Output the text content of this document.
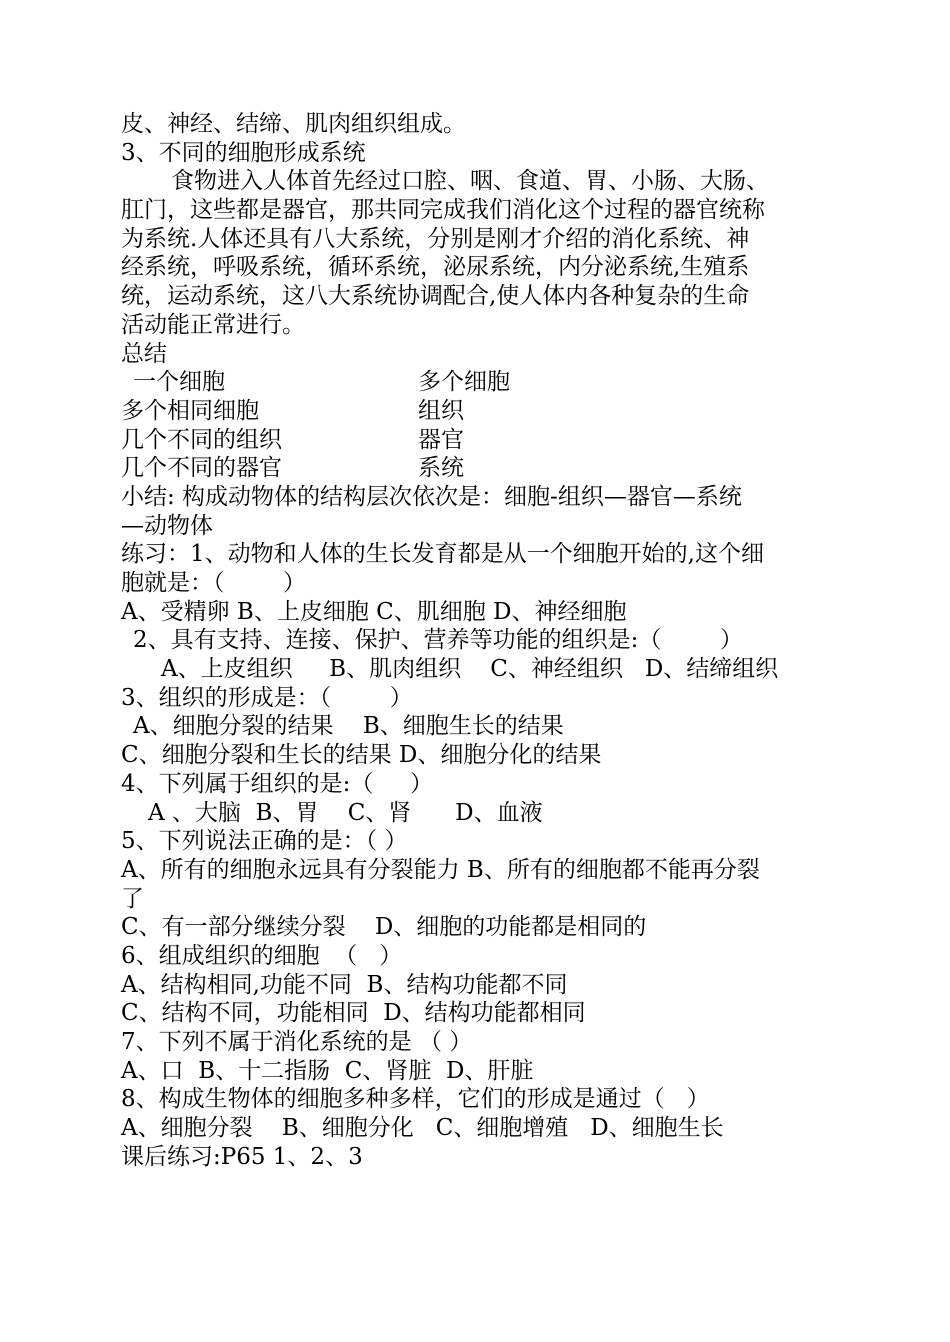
皮、神经、结缔、肌肉组织组成。
3、不同的细胞形成系统
食物进入人体首先经过口腔、咽、食道、胃、小肠、大肠、
肛门，这些都是器官，那共同完成我们消化这个过程的器官统称
为系统.人体还具有八大系统，分别是刚才介绍的消化系统、神
经系统，呼吸系统，循环系统，泌尿系统，内分泌系统,生殖系
统，运动系统，这八大系统协调配合,使人体内各种复杂的生命
活动能正常进行。
总结
一个细胞	多个细胞
多个相同细胞	组织
几个不同的组织	器官
几个不同的器官	系统
小结: 构成动物体的结构层次依次是：细胞-组织—器官—系统
—动物体
练习：1、动物和人体的生长发育都是从一个细胞开始的,这个细
胞就是：（        ）
A、受精卵 B、上皮细胞 C、肌细胞 D、神经细胞
2、具有支持、连接、保护、营养等功能的组织是:（        ）
A、上皮组织     B、肌肉组织    C、神经组织   D、结缔组织
3、组织的形成是：（        ）
A、细胞分裂的结果    B、细胞生长的结果
C、细胞分裂和生长的结果 D、细胞分化的结果
4、下列属于组织的是:（     ）
A 、大脑  B、胃    C、肾      D、血液
5、下列说法正确的是：（ ）
A、所有的细胞永远具有分裂能力 B、所有的细胞都不能再分裂
了
C、有一部分继续分裂    D、细胞的功能都是相同的
6、组成组织的细胞  （   ）
A、结构相同,功能不同  B、结构功能都不同
C、结构不同，功能相同  D、结构功能都相同
7、下列不属于消化系统的是 （ ）
A、口  B、十二指肠  C、肾脏  D、肝脏
8、构成生物体的细胞多种多样，它们的形成是通过（   ）
A、细胞分裂    B、细胞分化   C、细胞增殖   D、细胞生长
课后练习:P65 1、2、3
